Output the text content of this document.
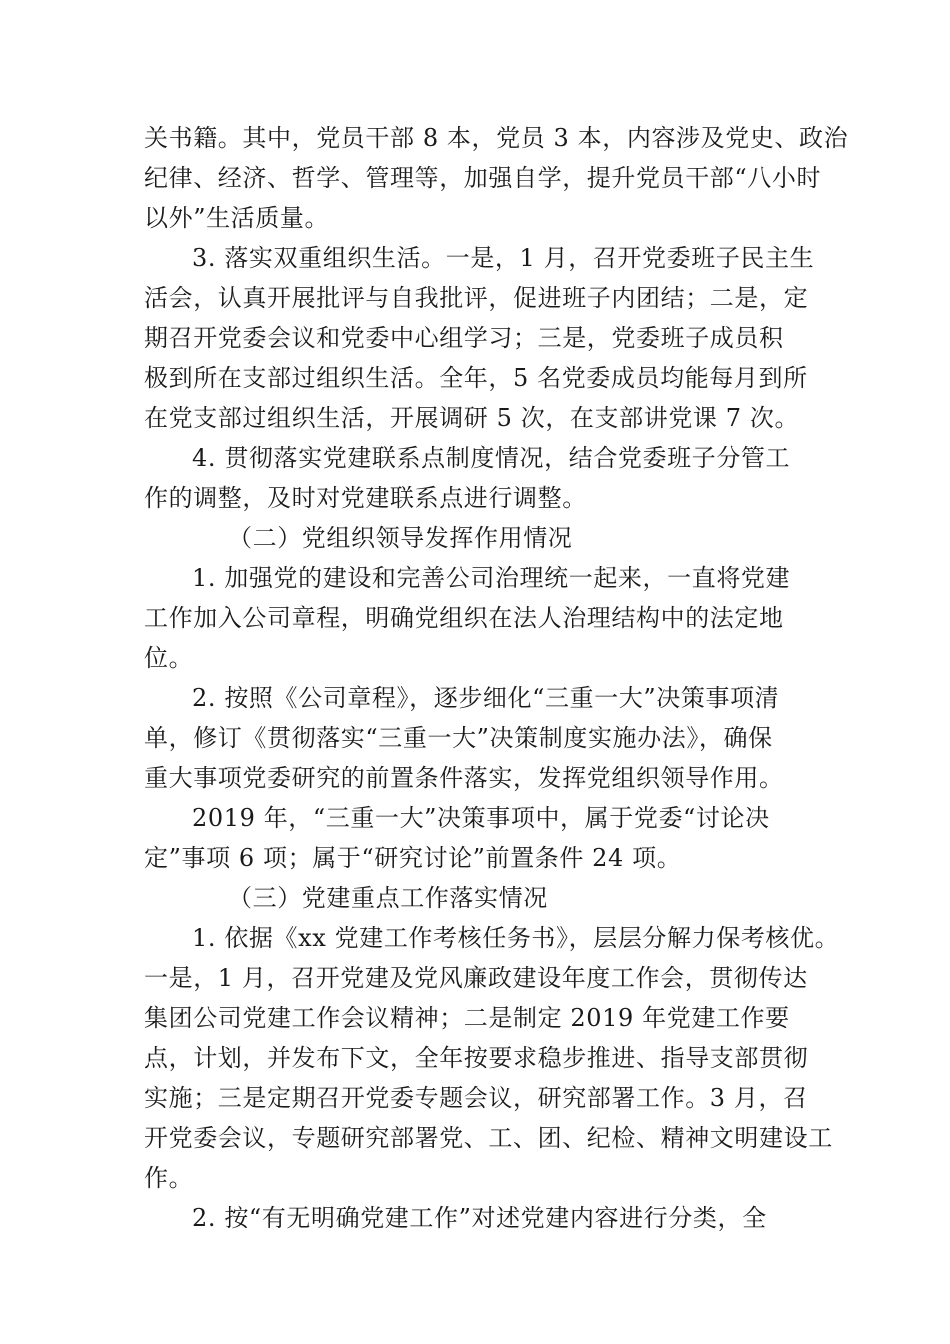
关书籍。其中，党员干部 8 本，党员 3 本，内容涉及党史、政治
纪律、经济、哲学、管理等，加强自学，提升党员干部“八小时
以外”生活质量。
3. 落实双重组织生活。一是，1 月，召开党委班子民主生
活会，认真开展批评与自我批评，促进班子内团结；二是，定
期召开党委会议和党委中心组学习；三是，党委班子成员积
极到所在支部过组织生活。全年，5 名党委成员均能每月到所
在党支部过组织生活，开展调研 5 次，在支部讲党课 7 次。
4. 贯彻落实党建联系点制度情况，结合党委班子分管工
作的调整，及时对党建联系点进行调整。
（二）党组织领导发挥作用情况
1. 加强党的建设和完善公司治理统一起来，一直将党建
工作加入公司章程，明确党组织在法人治理结构中的法定地
位。
2. 按照《公司章程》，逐步细化“三重一大”决策事项清
单，修订《贯彻落实“三重一大”决策制度实施办法》，确保
重大事项党委研究的前置条件落实，发挥党组织领导作用。
2019 年，“三重一大”决策事项中，属于党委“讨论决
定”事项 6 项；属于“研究讨论”前置条件 24 项。
（三）党建重点工作落实情况
1. 依据《xx 党建工作考核任务书》，层层分解力保考核优。
一是，1 月，召开党建及党风廉政建设年度工作会，贯彻传达
集团公司党建工作会议精神；二是制定 2019 年党建工作要
点，计划，并发布下文，全年按要求稳步推进、指导支部贯彻
实施；三是定期召开党委专题会议，研究部署工作。3 月，召
开党委会议，专题研究部署党、工、团、纪检、精神文明建设工
作。
2. 按“有无明确党建工作”对述党建内容进行分类，全
